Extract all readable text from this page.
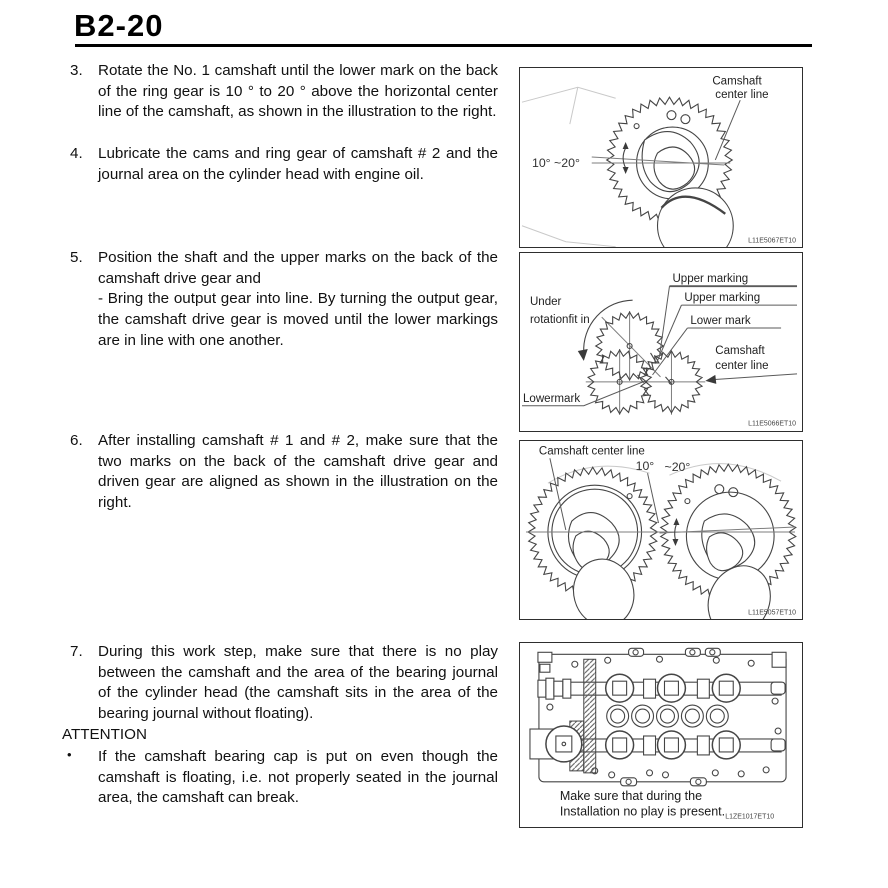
B2-20
3. Rotate the No. 1 camshaft until the lower mark on the back of the ring gear is 10 ° to 20 ° above the horizontal center line of the camshaft, as shown in the illustration to the right.
4. Lubricate the cams and ring gear of camshaft # 2 and the journal area on the cylinder head with engine oil.
5. Position the shaft and the upper marks on the back of the camshaft drive gear and
- Bring the output gear into line. By turning the output gear, the camshaft drive gear is moved until the lower markings are in line with one another.
6. After installing camshaft # 1 and # 2, make sure that the two marks on the back of the camshaft drive gear and driven gear are aligned as shown in the illustration on the right.
7. During this work step, make sure that there is no play between the camshaft and the area of the bearing journal of the cylinder head (the camshaft sits in the area of the bearing journal without floating).
ATTENTION
• If the camshaft bearing cap is put on even though the camshaft is floating, i.e. not properly seated in the journal area, the camshaft can break.
10° ~20°
Camshaft
center line
L11E5067ET10
Upper marking
Upper marking
Lower mark
Under
rotationfit in
Camshaft
center line
Lowermark
L11E5066ET10
Camshaft center line
10° ~20°
L11E5057ET10
Make sure that during the
Installation no play is present. L1ZE1017ET10
